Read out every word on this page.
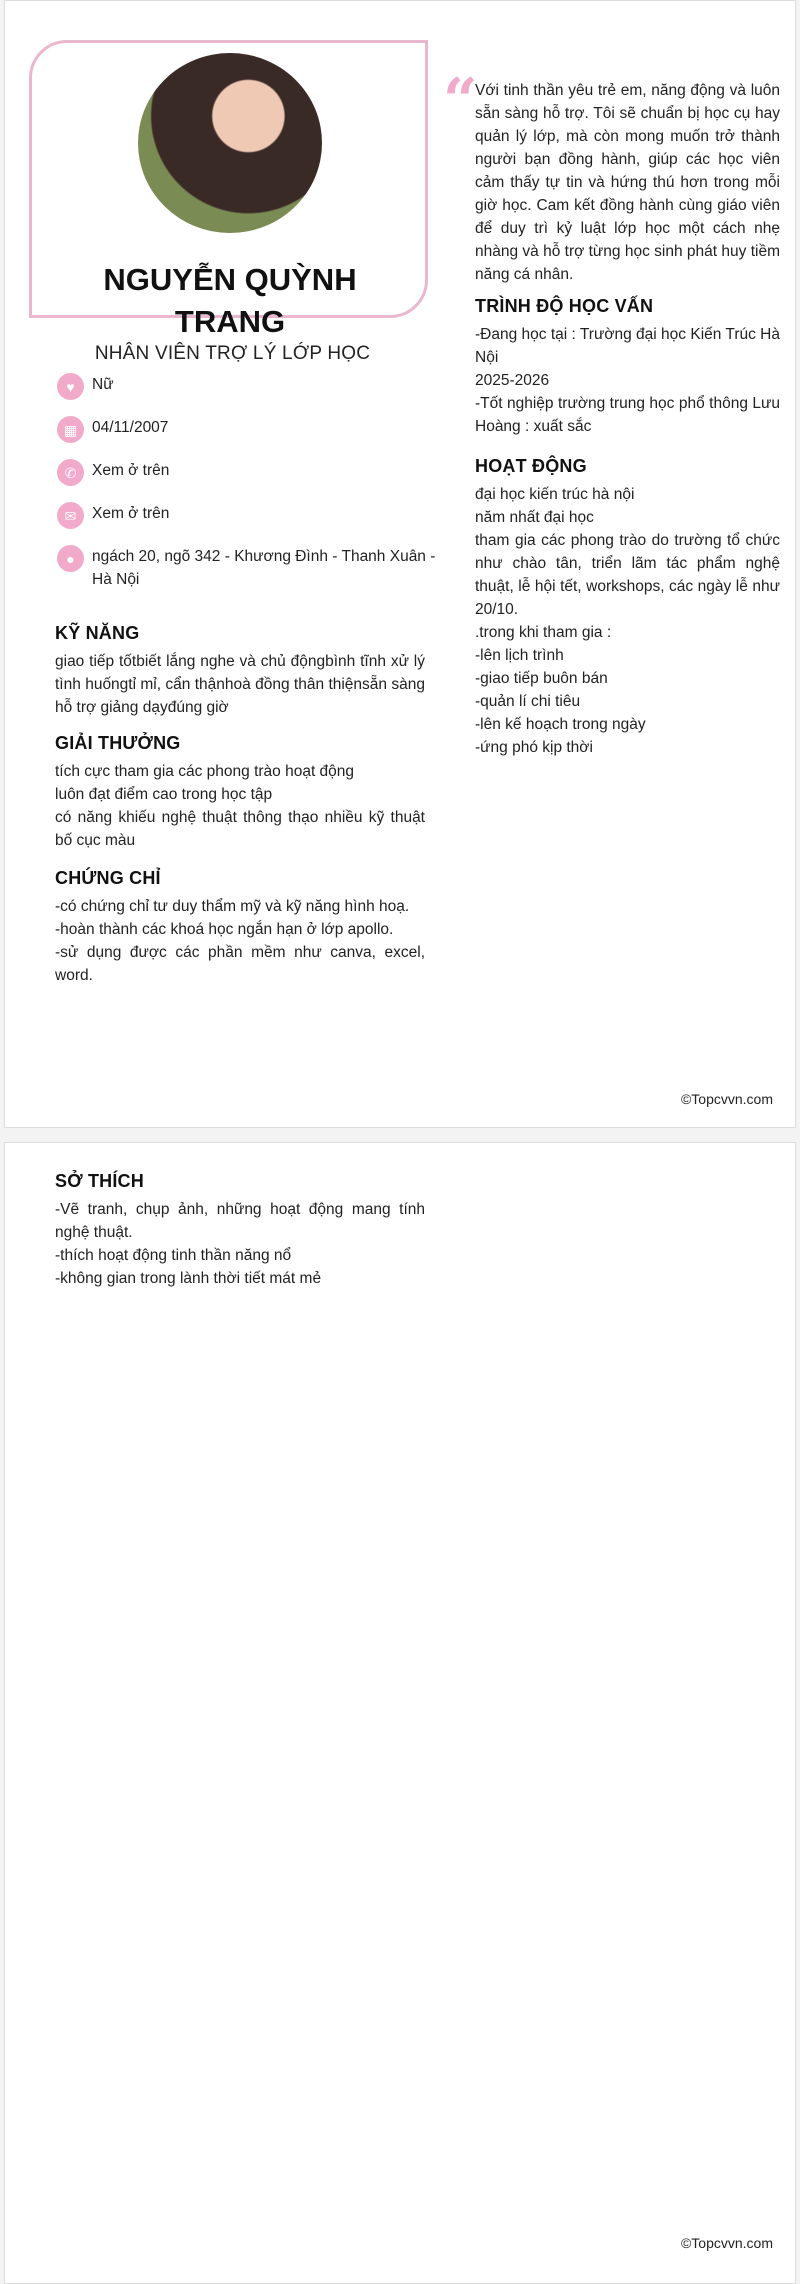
NGUYỄN QUỲNH TRANG
NHÂN VIÊN TRỢ LÝ LỚP HỌC
♥ Nữ
▦ 04/11/2007
✆ Xem ở trên
✉ Xem ở trên
● ngách 20, ngõ 342 - Khương Đình - Thanh Xuân - Hà Nội
KỸ NĂNG
giao tiếp tốtbiết lắng nghe và chủ độngbình tĩnh xử lý tình huốngtỉ mỉ, cẩn thậnhoà đồng thân thiệnsẵn sàng hỗ trợ giảng dạyđúng giờ
GIẢI THƯỞNG
tích cực tham gia các phong trào hoạt động
luôn đạt điểm cao trong học tập
có năng khiếu nghệ thuật thông thạo nhiều kỹ thuật bố cục màu
CHỨNG CHỈ
-có chứng chỉ tư duy thẩm mỹ và kỹ năng hình hoạ.
-hoàn thành các khoá học ngắn hạn ở lớp apollo.
-sử dụng được các phần mềm như canva, excel, word.
“
Với tinh thần yêu trẻ em, năng động và luôn sẵn sàng hỗ trợ. Tôi sẽ chuẩn bị học cụ hay quản lý lớp, mà còn mong muốn trở thành người bạn đồng hành, giúp các học viên cảm thấy tự tin và hứng thú hơn trong mỗi giờ học. Cam kết đồng hành cùng giáo viên để duy trì kỷ luật lớp học một cách nhẹ nhàng và hỗ trợ từng học sinh phát huy tiềm năng cá nhân.
TRÌNH ĐỘ HỌC VẤN
-Đang học tại : Trường đại học Kiến Trúc Hà Nội
2025-2026
-Tốt nghiệp trường trung học phổ thông Lưu Hoàng : xuất sắc
HOẠT ĐỘNG
đại học kiến trúc hà nội
năm nhất đại học
tham gia các phong trào do trường tổ chức như chào tân, triển lãm tác phẩm nghệ thuật, lễ hội tết, workshops, các ngày lễ như 20/10.
.trong khi tham gia :
-lên lịch trình
-giao tiếp buôn bán
-quản lí chi tiêu
-lên kế hoạch trong ngày
-ứng phó kịp thời
©Topcvvn.com
SỞ THÍCH
-Vẽ tranh, chụp ảnh, những hoạt động mang tính nghệ thuật.
-thích hoạt động tinh thần năng nổ
-không gian trong lành thời tiết mát mẻ
©Topcvvn.com
